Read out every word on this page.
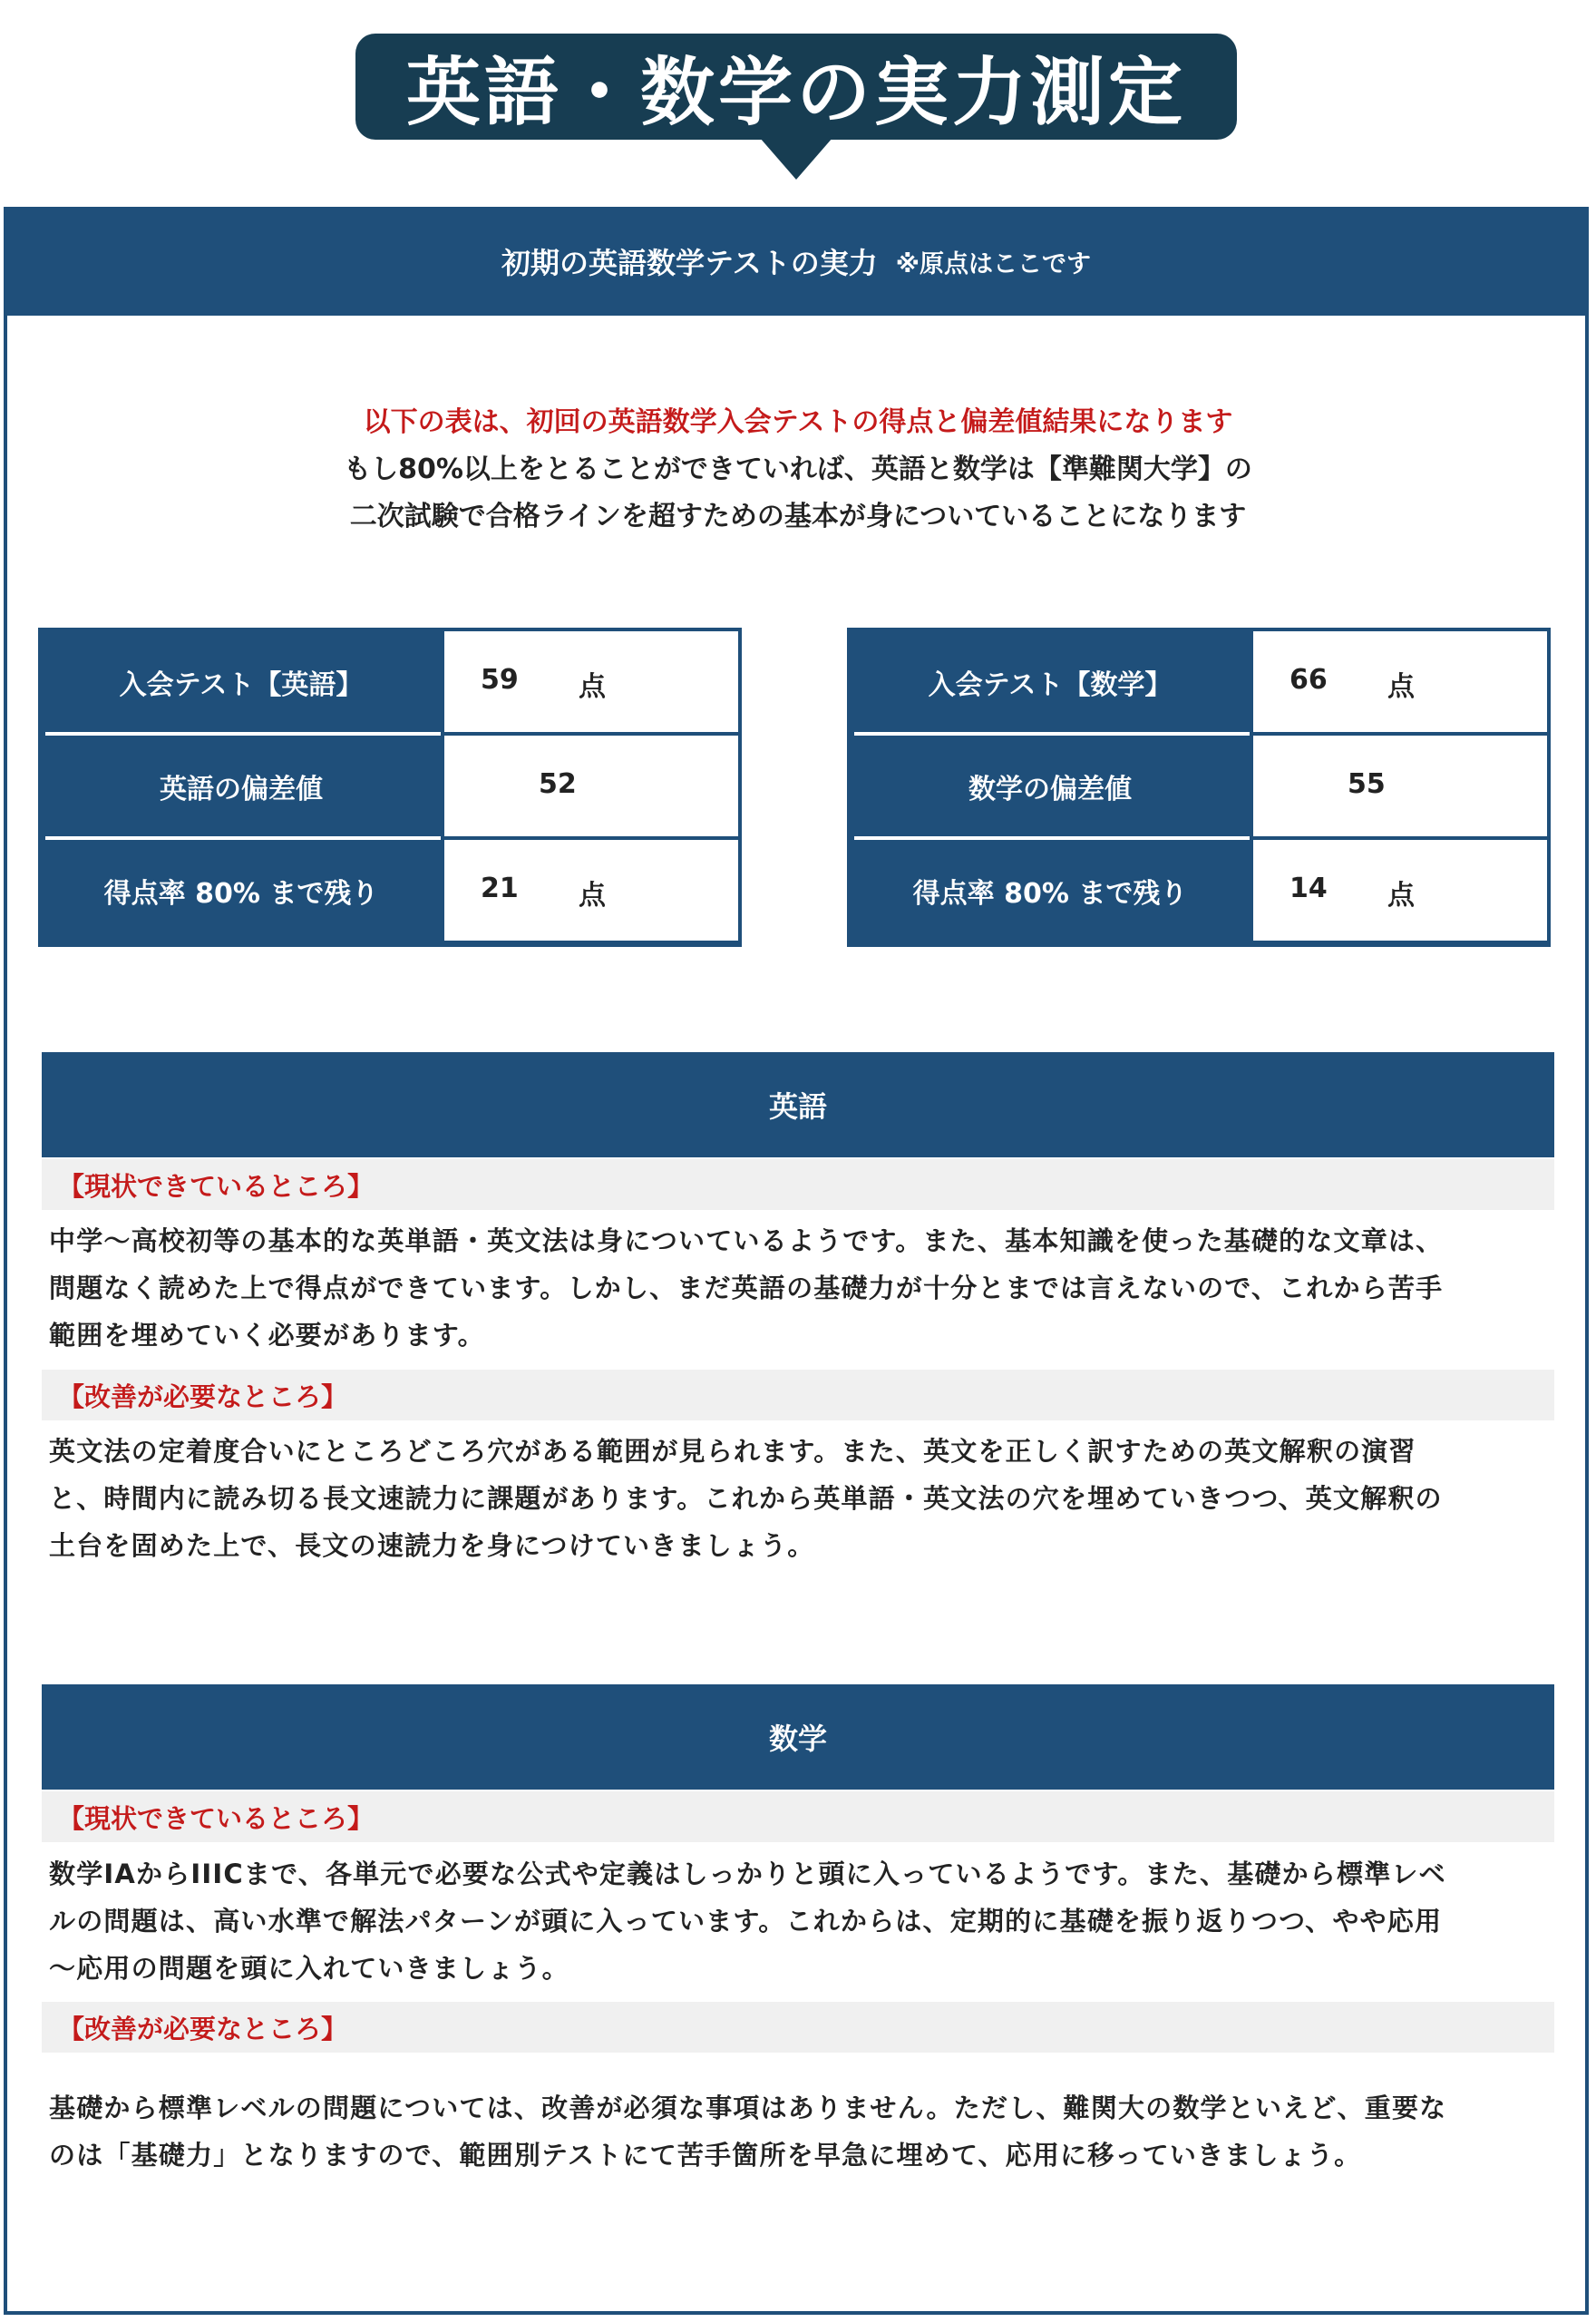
英語・数学の実力測定
初期の英語数学テストの実力 ※原点はここです
以下の表は、初回の英語数学入会テストの得点と偏差値結果になります
もし80%以上をとることができていれば、英語と数学は【準難関大学】の
二次試験で合格ラインを超すための基本が身についていることになります
入会テスト【英語】	59 点
英語の偏差値	52
得点率 80% まで残り	21 点
入会テスト【数学】	66 点
数学の偏差値	55
得点率 80% まで残り	14 点
英語
【現状できているところ】
中学〜高校初等の基本的な英単語・英文法は身についているようです。また、基本知識を使った基礎的な文章は、
問題なく読めた上で得点ができています。しかし、まだ英語の基礎力が十分とまでは言えないので、これから苦手
範囲を埋めていく必要があります。
【改善が必要なところ】
英文法の定着度合いにところどころ穴がある範囲が見られます。また、英文を正しく訳すための英文解釈の演習
と、時間内に読み切る長文速読力に課題があります。これから英単語・英文法の穴を埋めていきつつ、英文解釈の
土台を固めた上で、長文の速読力を身につけていきましょう。
数学
【現状できているところ】
数学IAからIIICまで、各単元で必要な公式や定義はしっかりと頭に入っているようです。また、基礎から標準レベ
ルの問題は、高い水準で解法パターンが頭に入っています。これからは、定期的に基礎を振り返りつつ、やや応用
〜応用の問題を頭に入れていきましょう。
【改善が必要なところ】
基礎から標準レベルの問題については、改善が必須な事項はありません。ただし、難関大の数学といえど、重要な
のは「基礎力」となりますので、範囲別テストにて苦手箇所を早急に埋めて、応用に移っていきましょう。
